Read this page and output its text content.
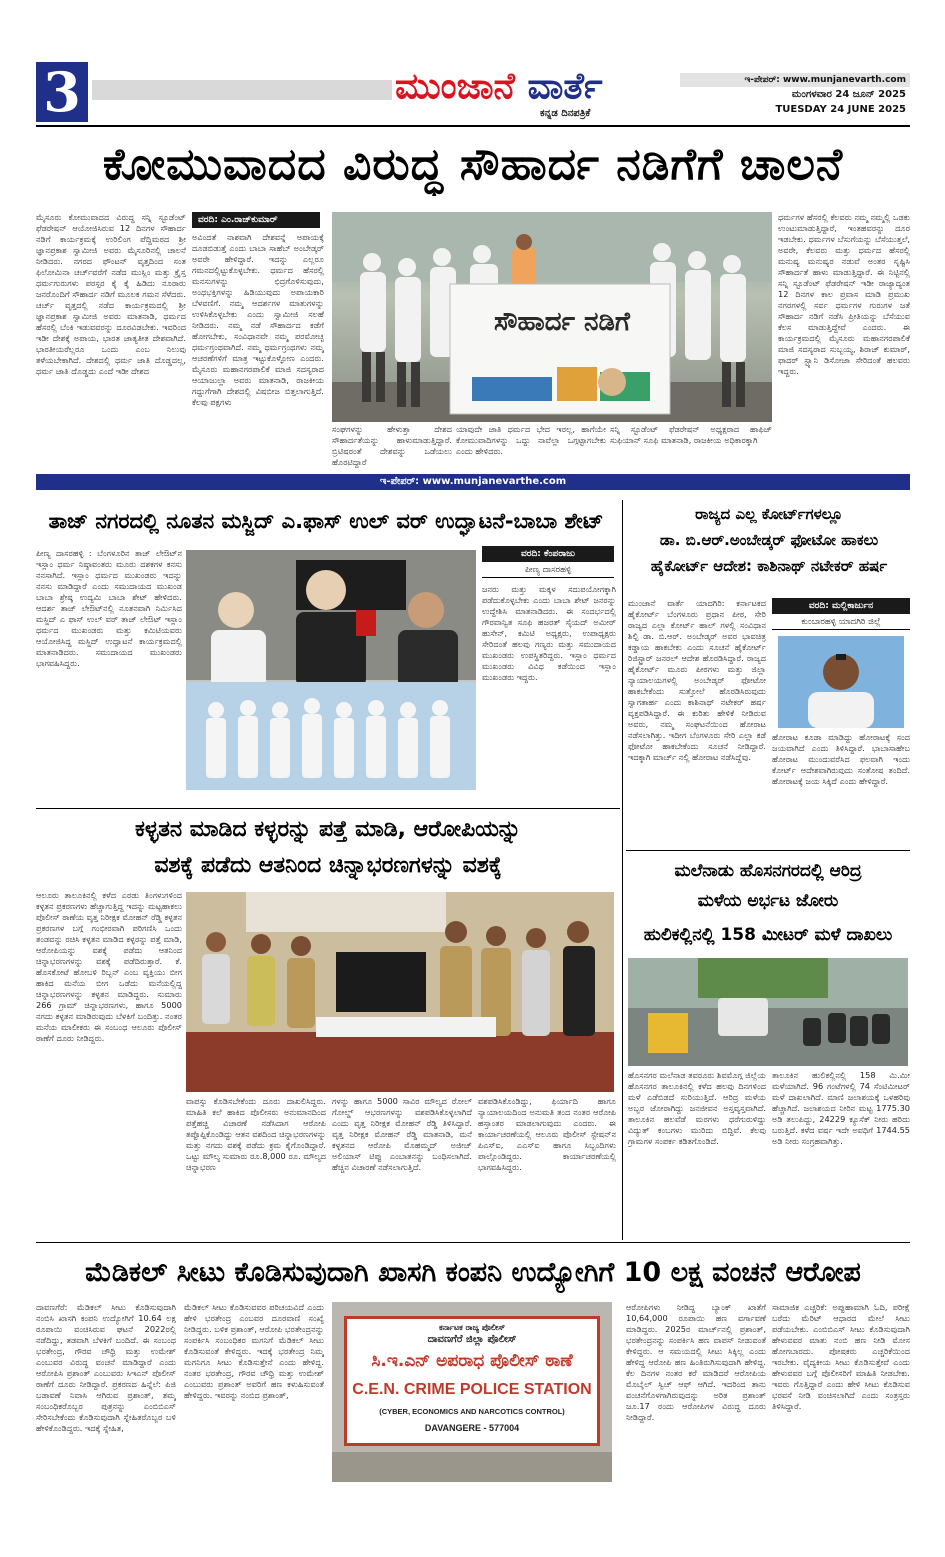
3	ಮುಂಜಾನೆ ವಾರ್ತೆ
ಕನ್ನಡ ದಿನಪತ್ರಿಕೆ
ಇ-ಪೇಪರ್: www.munjanevarth.com
ಮಂಗಳವಾರ 24 ಜೂನ್ 2025
TUESDAY 24 JUNE 2025
ಕೋಮುವಾದದ ವಿರುದ್ಧ ಸೌಹಾರ್ದ ನಡಿಗೆಗೆ ಚಾಲನೆ
ಮೈಸೂರು ಕೋಮುವಾದದ ವಿರುದ್ಧ ಸನ್ನಿ ಸ್ಟೂಡೆಂಟ್ ಫೆಡರೇಷನ್ ಆಯೋಜಿಸಿರುವ 12 ದಿನಗಳ ಸೌಹಾರ್ದ ನಡಿಗೆ ಕಾರ್ಯಕ್ರಮಕ್ಕೆ ಉರಿಲಿಂಗ ಪೆದ್ದಿಮಠದ ಶ್ರೀ ಜ್ಞಾನಪ್ರಕಾಶ ಸ್ವಾಮೀಜಿ ಅವರು ಮೈಸೂರಿನಲ್ಲಿ ಚಾಲನೆ ನೀಡಿದರು. ನಗರದ ಫೌಂಟನ್ ವೃತ್ತದಿಂದ ಸಂತ ಫಿಲೋಮಿನಾ ಚರ್ಚ್‌ವರೆಗೆ ನಡೆದ ಮುಸ್ಲಿಂ ಮತ್ತು ಕ್ರೈಸ್ತ ಧರ್ಮಗುರುಗಳು ಪರಸ್ಪರ ಕೈ ಕೈ ಹಿಡಿದು ನೂರಾರು ಜನರೊಂದಿಗೆ ಸೌಹಾರ್ದ ನಡಿಗೆ ಮೂಲಕ ಗಮನ ಸೆಳೆದರು. ಚರ್ಚ್ ವೃತ್ತದಲ್ಲಿ ನಡೆದ ಕಾರ್ಯಕ್ರಮದಲ್ಲಿ ಶ್ರೀ ಜ್ಞಾನಪ್ರಕಾಶ ಸ್ವಾಮೀಜಿ ಅವರು ಮಾತನಾಡಿ, ಧರ್ಮದ ಹೆಸರಲ್ಲಿ ಬೆಂಕಿ ಇಡುವವರನ್ನು ದೂರವಿಡಬೇಕು. ಇವರಿಂದ ಇಡೀ ದೇಶಕ್ಕೆ ಅಪಾಯ, ಭಾರತ ಜಾತ್ಯತೀತ ದೇಶವಾಗಿದೆ. ಭಾರತೀಯರೆಲ್ಲರೂ ಒಂದು ಎಂಬ ನಿಲುವು ತಳೆಯಬೇಕಾಗಿದೆ. ದೇಶದಲ್ಲಿ ಧರ್ಮ ಜಾತಿ ದೊಡ್ಡದಲ್ಲ, ಧರ್ಮ ಜಾತಿ ದೊಡ್ಡದು ಎಂದೆ ಇಡೀ ದೇಶದ
ವರದಿ: ಎಂ.ರಾಜ್‌ಕುಮಾರ್
ಅವಿಂದತೆ ನಾಶವಾಗಿ ದೇಶವನ್ನೆ ಅಪಾಯಕ್ಕೆ ದೂಡಬಿಡುತ್ತೆ ಎಂದು ಬಾಬಾ ಸಾಹೆಬ್ ಅಂಬೇಡ್ಕರ್ ಅವರೇ ಹೇಳಿದ್ದಾರೆ. ಇದನ್ನು ಎಲ್ಲರೂ ಗಮನದಲ್ಲಿಟ್ಟುಕೊಳ್ಳಬೇಕು. ಧರ್ಮದ ಹೆಸರಲ್ಲಿ ಮನಸುಗಳನ್ನು ಛಿದ್ರಗೊಳಿಸುವುದು, ಅಂಧಭಕ್ತಿಗಳನ್ನು ಹಿಡಿಯುವುದು ಅಪಾಯಕಾರಿ ಬೆಳವಣಿಗೆ. ನಮ್ಮ ಆದರ್ಶಗಳ ಮಾತುಗಳನ್ನು ಉಳಿಸಿಕೊಳ್ಳಬೇಕು ಎಂದು ಸ್ವಾಮೀಜಿ ಸಲಹೆ ನೀಡಿದರು. ನಮ್ಮ ನಡೆ ಸೌಹಾರ್ದದ ಕಡೆಗೆ ಹೋಗಬೇಕು, ಸಂವಿಧಾನವೇ ನಮ್ಮ ಪರಮೋಚ್ಛ ಧರ್ಮಗ್ರಂಥವಾಗಿದೆ. ನಮ್ಮ ಧರ್ಮಗ್ರಂಥಗಳು ನಮ್ಮ ಆಚರಣೆಗಳಿಗೆ ಮಾತ್ರ ಇಟ್ಟುಕೊಳ್ಳೋಣ ಎಂದರು. ಮೈಸೂರು ಮಹಾನಗರಪಾಲಿಕೆ ಮಾಜಿ ಸದಸ್ಯರಾದ ಆಯಾಜುಲ್ಲಾ ಅವರು ಮಾತನಾಡಿ, ರಾಜಕೀಯ ಗದ್ದುಗೆಗಾಗಿ ದೇಶದಲ್ಲಿ ವಿಷಬೀಜ ಬಿತ್ತಲಾಗುತ್ತಿದೆ. ಕೆಲವು ಪಕ್ಷಗಳು
ಸೌಹಾರ್ದ ನಡಿಗೆ
ಸಂಘಗಳನ್ನು ಹೇಳುತ್ತಾ ದೇಶದ ಸೌಹಾರ್ದತೆಯನ್ನು ಹಾಳುಮಾಡುತ್ತಿದ್ದಾರೆ. ಬ್ರಿಟಿಷರಂತೆ ದೇಶವನ್ನು ಒಡೆಯಲು ಹೊರಟಿದ್ದಾರೆ
ಯಾವುದೇ ಜಾತಿ ಧರ್ಮದ ಭೇದ ಇರಲ್ಲ, ಹಾಗೆಯೇ ಕೋಮುವಾದಿಗಳನ್ನು ಒದ್ದು ನಾವೆಲ್ಲಾ ಒಗ್ಗಟ್ಟಾಗಬೇಕು ಎಂದು ಹೇಳಿದರು.
ಸನ್ನಿ ಸ್ಟೂಡೆಂಟ್ ಫೆಡರೇಷನ್ ಅಧ್ಯಕ್ಷರಾದ ಹಾಫಿಜ್ ಸುಫಿಯಾನ್ ಸೂಫಿ ಮಾತನಾಡಿ, ರಾಜಕೀಯ ಅಧಿಕಾರಕ್ಕಾಗಿ
ಧರ್ಮಗಳ ಹೆಸರಲ್ಲಿ ಕೆಲವರು ನಮ್ಮ ನಮ್ಮಲ್ಲಿ ಒಡಕು ಉಂಟುಮಾಡುತ್ತಿದ್ದಾರೆ, ಇಂತಹವರನ್ನು ದೂರ ಇಡಬೇಕು. ಧರ್ಮಗಳ ಬೆಸುಗೆಯನ್ನು ಬೆಸೆಯುತ್ತಲೆ, ಅವರೇ, ಕೆಲವರು ಮತ್ತು ಧರ್ಮದ ಹೆಸರಲ್ಲಿ ಮನುಷ್ಯ ಮನುಷ್ಯರ ನಡುವೆ ಅಂತರ ಸೃಷ್ಟಿಸಿ ಸೌಹಾರ್ದತೆ ಹಾಳು ಮಾಡುತ್ತಿದ್ದಾರೆ. ಈ ನಿಟ್ಟಿನಲ್ಲಿ ಸನ್ನಿ ಸ್ಟೂಡೆಂಟ್ ಫೆಡರೇಷನ್ ಇಡೀ ರಾಜ್ಯಾದ್ಯಂತ 12 ದಿನಗಳ ಕಾಲ ಪ್ರವಾಸ ಮಾಡಿ ಪ್ರಮುಖ ನಗರಗಳಲ್ಲಿ ಸರ್ವ ಧರ್ಮಗಳ ಗುರುಗಳ ಜತೆ ಸೌಹಾರ್ದ ನಡಿಗೆ ನಡೆಸಿ ಪ್ರೀತಿಯನ್ನು ಬೆಸೆಯುವ ಕೆಲಸ ಮಾಡುತ್ತಿದ್ದೇವೆ ಎಂದರು. ಈ ಕಾರ್ಯಕ್ರಮದಲ್ಲಿ ಮೈಸೂರು ಮಹಾನಗರಪಾಲಿಕೆ ಮಾಜಿ ಸದಸ್ಯರಾದ ಸುಬ್ಬಯ್ಯ, ಶಿರಾಜ್ ಕುಮಾರ್, ಫಾದರ್ ಸ್ಟ್ಯಾನಿ ಡಿಸೋಜಾ ಸೇರಿದಂತೆ ಹಲವರು ಇದ್ದರು.
ಇ-ಪೇಪರ್: www.munjanevarthe.com
ತಾಜ್ ನಗರದಲ್ಲಿ ನೂತನ ಮಸ್ಜಿದ್ ಎ.ಫಾಸ್ ಉಲ್ ವರ್ ಉದ್ಘಾಟನೆ-ಬಾಬಾ ಶೇಟ್
ಪೀಣ್ಯ ದಾಸರಹಳ್ಳಿ : ಬೆಂಗಳೂರಿನ ತಾಜ್ ಲೇಔಟ್‌ನ ಇಸ್ಲಾಂ ಧರ್ಮ ನಿಷ್ಠಾವಂತರು ಮೂರು ದಶಕಗಳ ಕನಸು ನನಸಾಗಿದೆ. ಇಸ್ಲಾಂ ಧರ್ಮದ ಮುಖಂಡರು ಇದನ್ನು ನನಸು ಮಾಡಿದ್ದಾರೆ ಎಂದು ಸಮುದಾಯದ ಮುಖಂಡ ಬಾಬಾ ಶ್ರೇಷ್ಠ ಉದ್ಯಮಿ ಬಾಬಾ ಶೇಟ್ ಹೇಳಿದರು. ಆದರ್ಶ ತಾಜ್ ಲೇಔಟ್‌ನಲ್ಲಿ ನೂತನವಾಗಿ ನಿರ್ಮಿಸಿದ ಮಸ್ಜಿದ್ ಎ ಫಾಸ್ ಉಲ್ ವರ್ ತಾಜ್ ಲೇಔಟ್ ಇಸ್ಲಾಂ ಧರ್ಮದ ಮುಖಂಡರು ಮತ್ತು ಕಮಿಟಿಯವರು ಆಯೋಜಿಸಿದ್ದ ಮಸ್ಜಿದ್ ಉದ್ಘಾಟನೆ ಕಾರ್ಯಕ್ರಮದಲ್ಲಿ ಮಾತನಾಡಿದರು. ಸಮುದಾಯದ ಮುಖಂಡರು ಭಾಗವಹಿಸಿದ್ದರು.
ವರದಿ: ಕೆಂಪರಾಜು
ಪೀಣ್ಯ ದಾಸರಹಳ್ಳಿ
ಜನರು ಮತ್ತು ಮಕ್ಕಳ ಸದುಪಯೋಗಕ್ಕಾಗಿ ಪಡೆದುಕೊಳ್ಳಬೇಕು ಎಂದು ಬಾಬಾ ಶೇಟ್ ಜನರನ್ನು ಉದ್ದೇಶಿಸಿ ಮಾತನಾಡಿದರು. ಈ ಸಂದರ್ಭದಲ್ಲಿ ಗೌರವಾನ್ವಿತ ಸೂಫಿ ಹಜರತ್ ಸೈಯದ್ ಅಮೀರ್ ಹುಸೇನ್, ಕಮಿಟಿ ಅಧ್ಯಕ್ಷರು, ಉಪಾಧ್ಯಕ್ಷರು ಸೇರಿದಂತೆ ಹಲವು ಗಣ್ಯರು ಮತ್ತು ಸಮುದಾಯದ ಮುಖಂಡರು ಉಪಸ್ಥಿತರಿದ್ದರು. ಇಸ್ಲಾಂ ಧರ್ಮದ ಮುಖಂಡರು ವಿವಿಧ ಕಡೆಯಿಂದ ಇಸ್ಲಾಂ ಮುಖಂಡರು ಇದ್ದರು.
ರಾಜ್ಯದ ಎಲ್ಲ ಕೋರ್ಟ್‌ಗಳಲ್ಲೂ
ಡಾ. ಬಿ.ಆರ್.ಅಂಬೇಡ್ಕರ್ ಫೋಟೋ ಹಾಕಲು
ಹೈಕೋರ್ಟ್ ಆದೇಶ: ಕಾಶಿನಾಥ್ ನಟೇಕರ್ ಹರ್ಷ
ಮುಂಜಾನೆ ವಾರ್ತೆ ಯಾದಗಿರಿ: ಕರ್ನಾಟಕದ ಹೈಕೋರ್ಟ್ ಬೆಂಗಳೂರು ಪ್ರಧಾನ ಪೀಠ, ಸೇರಿ ರಾಜ್ಯದ ಎಲ್ಲಾ ಕೋರ್ಟ್ ಹಾಲ್ ಗಳಲ್ಲಿ ಸಂವಿಧಾನ ಶಿಲ್ಪಿ ಡಾ. ಬಿ.ಆರ್. ಅಂಬೇಡ್ಕರ್ ಅವರ ಭಾವಚಿತ್ರ ಕಡ್ಡಾಯ ಹಾಕಬೇಕು ಎಂದು ಸೂಚನೆ ಹೈಕೋರ್ಟ್ ರಿಜಿಸ್ಟ್ರಾರ್ ಜನರಲ್ ಆದೇಶ ಹೊರಡಿಸಿದ್ದಾರೆ. ರಾಜ್ಯದ ಹೈಕೋರ್ಟ್ ಮೂರು ಪೀಠಗಳು ಮತ್ತು ಜಿಲ್ಲಾ ನ್ಯಾಯಾಲಯಗಳಲ್ಲಿ ಅಂಬೇಡ್ಕರ್ ಫೋಟೋ ಹಾಕಬೇಕೆಂದು ಸುತ್ತೋಲೆ ಹೊರಡಿಸಿರುವುದು ಸ್ವಾಗತಾರ್ಹ ಎಂದು ಕಾಶಿನಾಥ್ ನಟೇಕರ್ ಹರ್ಷ ವ್ಯಕ್ತಪಡಿಸಿದ್ದಾರೆ. ಈ ಕುರಿತು ಹೇಳಿಕೆ ನೀಡಿರುವ ಅವರು, ನಮ್ಮ ಸಂಘಟನೆಯಿಂದ ಹೋರಾಟ ನಡೆಸಲಾಗಿತ್ತು. ಇದೀಗ ಬೆಂಗಳೂರು ಸೇರಿ ಎಲ್ಲಾ ಕಡೆ ಫೋಟೋ ಹಾಕಬೇಕೆಂದು ಸೂಚನೆ ನೀಡಿದ್ದಾರೆ. ಇದಕ್ಕಾಗಿ ಮಾರ್ಚ್ ನಲ್ಲಿ ಹೋರಾಟ ನಡೆಸಿದ್ದೆವು.
ವರದಿ: ಮಲ್ಲಿಕಾರ್ಜುನ
ಕುಂಬಾರಹಳ್ಳಿ ಯಾದಗಿರಿ ಜಿಲ್ಲೆ
ಹೋರಾಟ ಕೂಡಾ ಮಾಡಿದ್ದು ಹೋರಾಟಕ್ಕೆ ಸಂದ ಜಯವಾಗಿದೆ ಎಂದು ತಿಳಿಸಿದ್ದಾರೆ. ಭಾಬಾಸಾಹೇಬ ಹೋರಾಟ ಮುಂದುವರೆಸಿದ ಫಲವಾಗಿ ಇಂದು ಕೋರ್ಟ್ ಆದೇಶವಾಗಿರುವುದು ಸಂತೋಷ ತಂದಿದೆ. ಹೋರಾಟಕ್ಕೆ ಜಯ ಸಿಕ್ಕಿದೆ ಎಂದು ಹೇಳಿದ್ದಾರೆ.
ಕಳ್ಳತನ ಮಾಡಿದ ಕಳ್ಳರನ್ನು ಪತ್ತೆ ಮಾಡಿ, ಆರೋಪಿಯನ್ನು
ವಶಕ್ಕೆ ಪಡೆದು ಆತನಿಂದ ಚಿನ್ನಾಭರಣಗಳನ್ನು ವಶಕ್ಕೆ
ಆಲೂರು ತಾಲೂಕಿನಲ್ಲಿ ಕಳೆದ ಎರಡು ತಿಂಗಳುಗಳಿಂದ ಕಳ್ಳತನ ಪ್ರಕರಣಗಳು ಹೆಚ್ಚಾಗುತ್ತಿದ್ದ ಇದನ್ನು ಮಟ್ಟಹಾಕಲು ಪೊಲೀಸ್ ಠಾಣೆಯ ವೃತ್ತ ನಿರೀಕ್ಷಕ ಮೋಹನ್ ರೆಡ್ಡಿ ಕಳ್ಳತನ ಪ್ರಕರಣಗಳ ಬಗ್ಗೆ ಗಂಭೀರವಾಗಿ ಪರಿಗಣಿಸಿ ಒಂದು ತಂಡವನ್ನು ರಚಿಸಿ ಕಳ್ಳತನ ಮಾಡಿದ ಕಳ್ಳರನ್ನು ಪತ್ತೆ ಮಾಡಿ, ಆರೋಪಿಯನ್ನು ವಶಕ್ಕೆ ಪಡೆದು ಆತನಿಂದ ಚಿನ್ನಾಭರಣಗಳನ್ನು ವಶಕ್ಕೆ ಪಡೆದಿರುತ್ತಾರೆ. ಕೆ. ಹೊಸಕೋಟೆ ಹೋಬಳಿ ರಿಬ್ಬನ್ ಎಂಬ ವ್ಯಕ್ತಿಯು ಬೀಗ ಹಾಕಿದ ಮನೆಯ ಬೀಗ ಒಡೆದು ಮನೆಯಲ್ಲಿದ್ದ ಚಿನ್ನಾಭರಣಗಳನ್ನು ಕಳ್ಳತನ ಮಾಡಿದ್ದರು. ಸುಮಾರು 266 ಗ್ರಾಮ್ ಚಿನ್ನಾಭರಣಗಳು, ಹಾಗೂ 5000 ನಗದು ಕಳ್ಳತನ ಮಾಡಿರುವುದು ಬೆಳಕಿಗೆ ಬಂದಿತ್ತು. ನಂತರ ಮನೆಯ ಮಾಲೀಕರು ಈ ಸಂಬಂಧ ಆಲೂರು ಪೊಲೀಸ್ ಠಾಣೆಗೆ ದೂರು ನೀಡಿದ್ದರು.
ವಾಪಸ್ಸು ಕೊಡಿಸಬೇಕೆಂದು ದೂರು ದಾಖಲಿಸಿದ್ದರು. ಮಾಹಿತಿ ಕಲೆ ಹಾಕಿದ ಪೊಲೀಸರು ಅನುಮಾನದಿಂದ ಪತ್ತೆಹಚ್ಚಿ ವಿಚಾರಣೆ ನಡೆಸಿದಾಗ ಆರೋಪಿ ತಪ್ಪೊಪ್ಪಿಕೊಂಡಿದ್ದು ಆತನ ವಶದಿಂದ ಚಿನ್ನಾಭರಣಗಳನ್ನು ಮತ್ತು ನಗದು ವಶಕ್ಕೆ ಪಡೆದು ಕ್ರಮ ಕೈಗೊಂಡಿದ್ದಾರೆ. ಒಟ್ಟು ಮೌಲ್ಯ ಸುಮಾರು ರೂ.8,000 ರೂ. ಮೌಲ್ಯದ ಚಿನ್ನಾಭರಣ
ಗಳನ್ನು ಹಾಗೂ 5000 ಸಾವಿರ ಮೌಲ್ಯದ ರೋಲ್ ಗೋಲ್ಡ್ ಆಭರಣಗಳನ್ನು ವಶಪಡಿಸಿಕೊಳ್ಳಲಾಗಿದೆ ಎಂದು ವೃತ್ತ ನಿರೀಕ್ಷಕ ಮೋಹನ್ ರೆಡ್ಡಿ ತಿಳಿಸಿದ್ದಾರೆ. ವೃತ್ತ ನಿರೀಕ್ಷಕ ಮೋಹನ್ ರೆಡ್ಡಿ ಮಾತನಾಡಿ, ಮನೆ ಕಳ್ಳತನದ ಆರೋಪಿ ಮೊಹಮ್ಮದ್ ಅಜೀಜ್ ಅಲಿಯಾಸ್ ಟಿಪ್ಪು ಎಂಬಾತನನ್ನು ಬಂಧಿಸಲಾಗಿದೆ. ಹೆಚ್ಚಿನ ವಿಚಾರಣೆ ನಡೆಸಲಾಗುತ್ತಿದೆ.
ವಶಪಡಿಸಿಕೊಂಡಿದ್ದು, ಫಿರ್ಯಾದಿ ಹಾಗೂ ನ್ಯಾಯಾಲಯದಿಂದ ಅನುಮತಿ ತಂದ ನಂತರ ಆರೋಪಿ ಹಸ್ತಾಂತರ ಮಾಡಲಾಗುವುದು ಎಂದರು. ಈ ಕಾರ್ಯಾಚರಣೆಯಲ್ಲಿ ಆಲೂರು ಪೊಲೀಸ್ ಸ್ಟೇಷನ್‌ನ ಪಿಎಸ್‌ಐ, ಎಎಸ್‌ಐ ಹಾಗೂ ಸಿಬ್ಬಂದಿಗಳು ಪಾಲ್ಗೊಂಡಿದ್ದರು. ಕಾರ್ಯಾಚರಣೆಯಲ್ಲಿ ಭಾಗವಹಿಸಿದ್ದರು.
ಮಲೆನಾಡು ಹೊಸನಗರದಲ್ಲಿ ಆರಿದ್ರ
ಮಳೆಯ ಅರ್ಭಟ ಜೋರು
ಹುಲಿಕಲ್ಲಿನಲ್ಲಿ 158 ಮೀಟರ್ ಮಳೆ ದಾಖಲು
ಹೊಸನಗರ ಮಲೆನಾಡ ತವರೂರು ಶಿವಮೊಗ್ಗ ಜಿಲ್ಲೆಯ ಹೊಸನಗರ ತಾಲೂಕಿನಲ್ಲಿ ಕಳೆದ ಹಲವು ದಿನಗಳಿಂದ ಮಳೆ ಎಡೆಬಿಡದೆ ಸುರಿಯುತ್ತಿದೆ. ಆರಿದ್ರ ಮಳೆಯ ಅಬ್ಬರ ಜೋರಾಗಿದ್ದು ಜನಜೀವನ ಅಸ್ತವ್ಯಸ್ತವಾಗಿದೆ. ತಾಲೂಕಿನ ಹಲವೆಡೆ ಮರಗಳು ಧರೆಗುರುಳಿದ್ದು ವಿದ್ಯುತ್ ಕಂಬಗಳು ಮುರಿದು ಬಿದ್ದಿವೆ. ಕೆಲವು ಗ್ರಾಮಗಳ ಸಂಪರ್ಕ ಕಡಿತಗೊಂಡಿದೆ.
ತಾಲೂಕಿನ ಹುಲಿಕಲ್ಲಿನಲ್ಲಿ 158 ಮಿ.ಮೀ ಮಳೆಯಾಗಿದೆ. 96 ಗಂಟೆಗಳಲ್ಲಿ 74 ಸೆಂಟಿಮೀಟರ್ ಮಳೆ ದಾಖಲಾಗಿದೆ. ಮಾಣಿ ಜಲಾಶಯಕ್ಕೆ ಒಳಹರಿವು ಹೆಚ್ಚಾಗಿದೆ. ಜಲಾಶಯದ ನೀರಿನ ಮಟ್ಟ 1775.30 ಅಡಿ ತಲುಪಿದ್ದು, 24229 ಕ್ಯೂಸೆಕ್ ನೀರು ಹರಿದು ಬರುತ್ತಿದೆ. ಕಳೆದ ವರ್ಷ ಇದೇ ಅವಧಿಗೆ 1744.55 ಅಡಿ ನೀರು ಸಂಗ್ರಹವಾಗಿತ್ತು.
ಮೆಡಿಕಲ್ ಸೀಟು ಕೊಡಿಸುವುದಾಗಿ ಖಾಸಗಿ ಕಂಪನಿ ಉದ್ಯೋಗಿಗೆ 10 ಲಕ್ಷ ವಂಚನೆ ಆರೋಪ
ದಾವಣಗೆರೆ: ಮೆಡಿಕಲ್ ಸೀಟು ಕೊಡಿಸುವುದಾಗಿ ನಂಬಿಸಿ ಖಾಸಗಿ ಕಂಪನಿ ಉದ್ಯೋಗಿಗೆ 10.64 ಲಕ್ಷ ರೂಪಾಯಿ ವಂಚಿಸಿರುವ ಘಟನೆ 2022ರಲ್ಲಿ ನಡೆದಿದ್ದು, ತಡವಾಗಿ ಬೆಳಕಿಗೆ ಬಂದಿದೆ. ಈ ಸಂಬಂಧ ಭರತೇಂದ್ರ, ಗೌರವ ಚೌಧ್ರಿ ಮತ್ತು ಉಮೇಶ್ ಎಂಬುವರ ವಿರುದ್ಧ ವಂಚನೆ ಮಾಡಿದ್ದಾರೆ ಎಂದು ಆರೋಪಿಸಿ ಪ್ರಶಾಂತ್ ಎಂಬುವರು ಸಿಇಎನ್ ಪೊಲೀಸ್ ಠಾಣೆಗೆ ದೂರು ನೀಡಿದ್ದಾರೆ. ಪ್ರಕರಣದ ಹಿನ್ನೆಲೆ: ಪಿಜಿ ಬಡಾವಣೆ ನಿವಾಸಿ ಆಗಿರುವ ಪ್ರಶಾಂತ್, ತಮ್ಮ ಸಂಬಂಧಿಕರೊಬ್ಬರ ಪುತ್ರನನ್ನು ಎಂಬಿಬಿಎಸ್ ಸೇರಿಸಬೇಕೆಂದು ಕೊಡಿಸುವುದಾಗಿ ಸ್ನೇಹಿತರೊಬ್ಬರ ಬಳಿ ಹೇಳಿಕೊಂಡಿದ್ದರು. ಇದಕ್ಕೆ ಸ್ನೇಹಿತ,
ಮೆಡಿಕಲ್ ಸೀಟು ಕೊಡಿಸುವವರ ಪರಿಚಯವಿದೆ ಎಂದು ಹೇಳಿ ಭರತೇಂದ್ರ ಎಂಬವರ ದೂರವಾಣಿ ಸಂಖ್ಯೆ ನೀಡಿದ್ದರು. ಬಳಿಕ ಪ್ರಶಾಂತ್, ಆರೋಪಿ ಭರತೇಂದ್ರನನ್ನು ಸಂಪರ್ಕಿಸಿ ಸಂಬಂಧಿಕರ ಮಗನಿಗೆ ಮೆಡಿಕಲ್ ಸೀಟು ಕೊಡಿಸುವಂತೆ ಕೇಳಿದ್ದರು. ಇದಕ್ಕೆ ಭರತೇಂದ್ರ ನಿಮ್ಮ ಮಗನಿಗೂ ಸೀಟು ಕೊಡಿಸುತ್ತೇನೆ ಎಂದು ಹೇಳಿದ್ದ. ನಂತರ ಭರತೇಂದ್ರ, ಗೌರವ ಚೌಧ್ರಿ ಮತ್ತು ಉಮೇಶ್ ಎಂಬುವರು ಪ್ರಶಾಂತ್ ಅವರಿಗೆ ಹಣ ಕಳುಹಿಸುವಂತೆ ಹೇಳಿದ್ದರು. ಇವರನ್ನು ನಂಬಿದ ಪ್ರಶಾಂತ್,
ಕರ್ನಾಟಕ ರಾಜ್ಯ ಪೊಲೀಸ್
ದಾವಣಗೆರೆ ಜಿಲ್ಲಾ ಪೊಲೀಸ್
ಸಿ.ಇ.ಎನ್ ಅಪರಾಧ ಪೊಲೀಸ್ ಠಾಣೆ
C.E.N. CRIME POLICE STATION
(CYBER, ECONOMICS AND NARCOTICS CONTROL)
DAVANGERE - 577004
ಆರೋಪಿಗಳು ನೀಡಿದ್ದ ಬ್ಯಾಂಕ್ ಖಾತೆಗೆ 10,64,000 ರೂಪಾಯಿ ಹಣ ವರ್ಗಾವಣೆ ಮಾಡಿದ್ದರು. 2025ರ ಮಾರ್ಚ್‌ನಲ್ಲಿ ಪ್ರಶಾಂತ್, ಭರತೇಂದ್ರನನ್ನು ಸಂಪರ್ಕಿಸಿ ಹಣ ವಾಪಸ್ ನೀಡುವಂತೆ ಕೇಳಿದ್ದರು. ಆ ಸಮಯದಲ್ಲಿ ಸೀಟು ಸಿಕ್ಕಿಲ್ಲ ಎಂದು ಹೇಳಿದ್ದ ಆರೋಪಿ ಹಣ ಹಿಂತಿರುಗಿಸುವುದಾಗಿ ಹೇಳಿದ್ದ. ಕೆಲ ದಿನಗಳ ನಂತರ ಕರೆ ಮಾಡಿದರೆ ಆರೋಪಿಯ ಮೊಬೈಲ್ ಸ್ವಿಚ್ ಆಫ್ ಆಗಿದೆ. ಇದರಿಂದ ತಾನು ವಂಚನೆಗೊಳಗಾಗಿರುವುದನ್ನು ಅರಿತ ಪ್ರಶಾಂತ್ ಜೂ.17 ರಂದು ಆರೋಪಿಗಳ ವಿರುದ್ಧ ದೂರು ನೀಡಿದ್ದಾರೆ.
ಸಾಮಾಜಿಕ ಎಚ್ಚರಿಕೆ: ಅಪ್ಪುಹಾಮಾಗಿ ಓದಿ, ಪರೀಕ್ಷೆ ಬರೆದು ಮೆರಿಟ್ ಆಧಾರದ ಮೇಲೆ ಸೀಟು ಪಡೆಯಬೇಕು. ಎಂಬಿಬಿಎಸ್ ಸೀಟು ಕೊಡಿಸುವುದಾಗಿ ಹೇಳುವವರ ಮಾತು ನಂಬಿ ಹಣ ನೀಡಿ ಮೋಸ ಹೋಗಬಾರದು. ಪೋಷಕರು ಎಚ್ಚರಿಕೆಯಿಂದ ಇರಬೇಕು. ವೈದ್ಯಕೀಯ ಸೀಟು ಕೊಡಿಸುತ್ತೇವೆ ಎಂದು ಹೇಳುವವರ ಬಗ್ಗೆ ಪೊಲೀಸರಿಗೆ ಮಾಹಿತಿ ನೀಡಬೇಕು. ಇವರು ಗೊತ್ತಿದ್ದಾರೆ ಎಂದು ಹೇಳಿ ಸೀಟು ಕೊಡಿಸುವ ಭರವಸೆ ನೀಡಿ ವಂಚಿಸಲಾಗಿದೆ ಎಂದು ಸಂತ್ರಸ್ತರು ತಿಳಿಸಿದ್ದಾರೆ.
